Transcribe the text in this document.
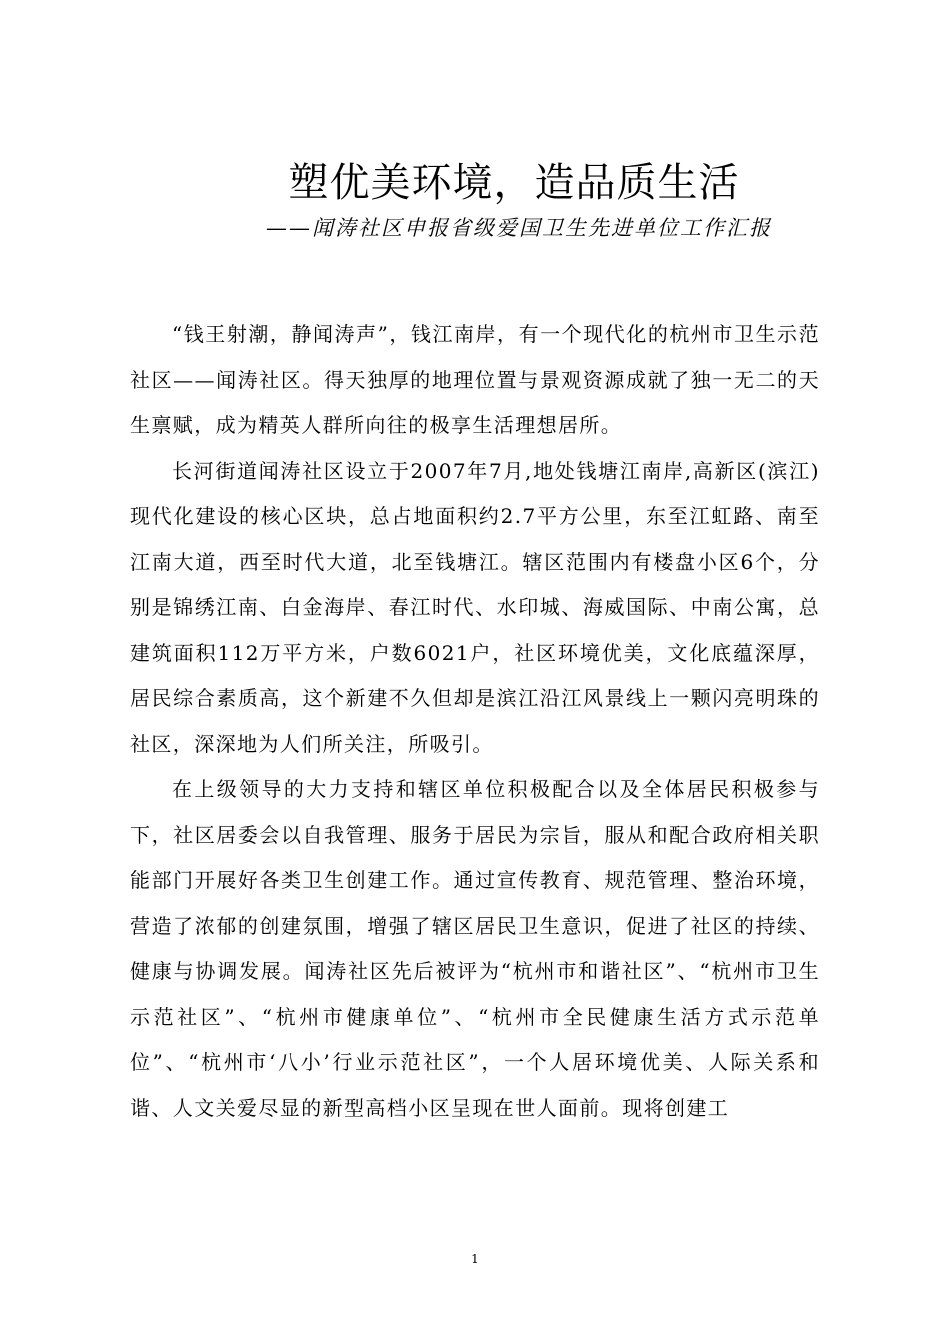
塑优美环境，造品质生活
——闻涛社区申报省级爱国卫生先进单位工作汇报

“钱王射潮，静闻涛声”，钱江南岸，有一个现代化的杭州市卫生示范社区——闻涛社区。得天独厚的地理位置与景观资源成就了独一无二的天生禀赋，成为精英人群所向往的极享生活理想居所。

长河街道闻涛社区设立于2007年7月,地处钱塘江南岸,高新区(滨江)现代化建设的核心区块，总占地面积约2.7平方公里，东至江虹路、南至江南大道，西至时代大道，北至钱塘江。辖区范围内有楼盘小区6个，分别是锦绣江南、白金海岸、春江时代、水印城、海威国际、中南公寓，总建筑面积112万平方米，户数6021户，社区环境优美，文化底蕴深厚，居民综合素质高，这个新建不久但却是滨江沿江风景线上一颗闪亮明珠的社区，深深地为人们所关注，所吸引。

在上级领导的大力支持和辖区单位积极配合以及全体居民积极参与下，社区居委会以自我管理、服务于居民为宗旨，服从和配合政府相关职能部门开展好各类卫生创建工作。通过宣传教育、规范管理、整治环境，营造了浓郁的创建氛围，增强了辖区居民卫生意识，促进了社区的持续、健康与协调发展。闻涛社区先后被评为“杭州市和谐社区”、“杭州市卫生示范社区”、“杭州市健康单位”、“杭州市全民健康生活方式示范单位”、“杭州市‘八小’行业示范社区”，一个人居环境优美、人际关系和谐、人文关爱尽显的新型高档小区呈现在世人面前。现将创建工

1
